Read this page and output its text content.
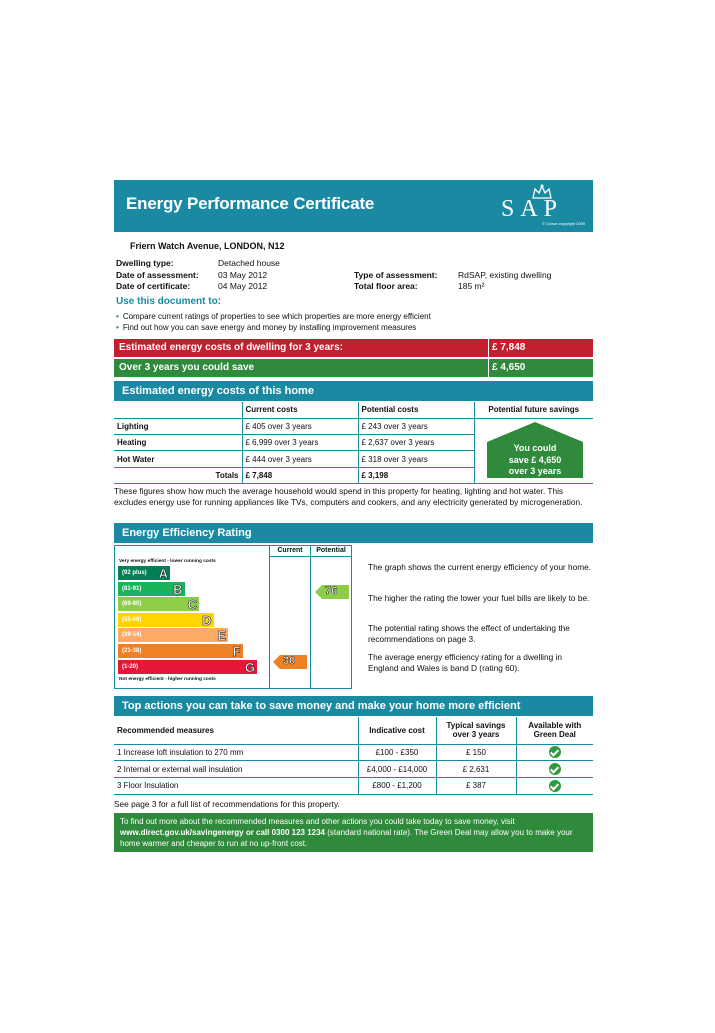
Energy Performance Certificate	SAP
© Crown copyright 2009
Friern Watch Avenue, LONDON, N12
Dwelling type:	Detached house
Date of assessment: 03 May 2012
Date of certificate:	04 May 2012
Type of assessment: RdSAP, existing dwelling
Total floor area:	185 m²
Use this document to:
• Compare current ratings of properties to see which properties are more energy efficient
• Find out how you can save energy and money by installing improvement measures
Estimated energy costs of dwelling for 3 years:	£ 7,848
Over 3 years you could save	£ 4,650
Estimated energy costs of this home
	Current costs	Potential costs	Potential future savings
Lighting	£ 405 over 3 years	£ 243 over 3 years	
Heating	£ 6,999 over 3 years	£ 2,637 over 3 years	
Hot Water	£ 444 over 3 years	£ 318 over 3 years	
Totals	£ 7,848	£ 3,198	
You could
save £ 4,650
over 3 years
These figures show how much the average household would spend in this property for heating, lighting and hot water. This excludes energy use for running appliances like TVs, computers and cookers, and any electricity generated by microgeneration.
Energy Efficiency Rating
Current	Potential
Very energy efficient - lower running costs
(92 plus) A
(81-91) B
(69-80)	C
(55-68)	D
(39-54)	E
(21-38)	F
(1-20)	G
Not energy efficient - higher running costs
76
30
The graph shows the current energy efficiency of your home.
The higher the rating the lower your fuel bills are likely to be.
The potential rating shows the effect of undertaking the recommendations on page 3.
The average energy efficiency rating for a dwelling in England and Wales is band D (rating 60).
Top actions you can take to save money and make your home more efficient
Recommended measures	Indicative cost	Typical savings over 3 years	Available with Green Deal
1 Increase loft insulation to 270 mm	£100 - £350	£ 150	
2 Internal or external wall insulation	£4,000 - £14,000	£ 2,631	
3 Floor Insulation	£800 - £1,200	£ 387	
See page 3 for a full list of recommendations for this property.
To find out more about the recommended measures and other actions you could take today to save money, visit www.direct.gov.uk/savingenergy or call 0300 123 1234 (standard national rate). The Green Deal may allow you to make your home warmer and cheaper to run at no up-front cost.
